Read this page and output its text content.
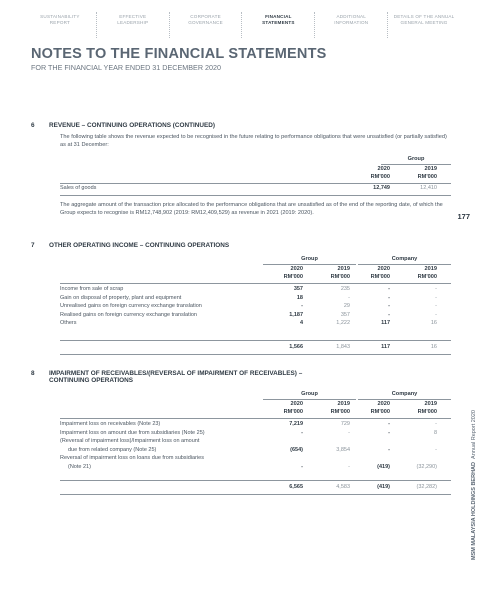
SUSTAINABILITY
REPORT
EFFECTIVE
LEADERSHIP
CORPORATE
GOVERNANCE
FINANCIAL
STATEMENTS
ADDITIONAL
INFORMATION
DETAILS OF THE ANNUAL
GENERAL MEETING
NOTES TO THE FINANCIAL STATEMENTS
FOR THE FINANCIAL YEAR ENDED 31 DECEMBER 2020
177
MSM MALAYSIA HOLDINGS BERHAD  Annual Report 2020
6 REVENUE – CONTINUING OPERATIONS (CONTINUED)
The following table shows the revenue expected to be recognised in the future relating to performance obligations that were unsatisfied (or partially satisfied) as at 31 December:
Group
2020	2019
RM'000	RM'000
Sales of goods	12,749	12,410
The aggregate amount of the transaction price allocated to the performance obligations that are unsatisfied as of the end of the reporting date, of which the Group expects to recognise is RM12,748,902 (2019: RM12,409,529) as revenue in 2021 (2019: 2020).
7 OTHER OPERATING INCOME – CONTINUING OPERATIONS
Group	Company
2020	2019	2020	2019
RM'000	RM'000	RM'000	RM'000
Income from sale of scrap	357	235	-	-
Gain on disposal of property, plant and equipment	18	-	-	-
Unrealised gains on foreign currency exchange translation	-	29	-	-
Realised gains on foreign currency exchange translation	1,187	357	-	-
Others	4	1,222	117	16
1,566	1,843	117	16
8 IMPAIRMENT OF RECEIVABLES/(REVERSAL OF IMPAIRMENT OF RECEIVABLES) –
CONTINUING OPERATIONS
Group	Company
2020	2019	2020	2019
RM'000	RM'000	RM'000	RM'000
Impairment loss on receivables (Note 23)	7,219	729	-	-
Impairment loss on amount due from subsidiaries (Note 25)	-	-	-	8
(Reversal of impairment loss)/Impairment loss on amount
due from related company (Note 25)	(654)	3,854	-	-
Reversal of impairment loss on loans due from subsidiaries
(Note 21)	-	-	(419)	(32,290)
6,565	4,583	(419)	(32,282)
